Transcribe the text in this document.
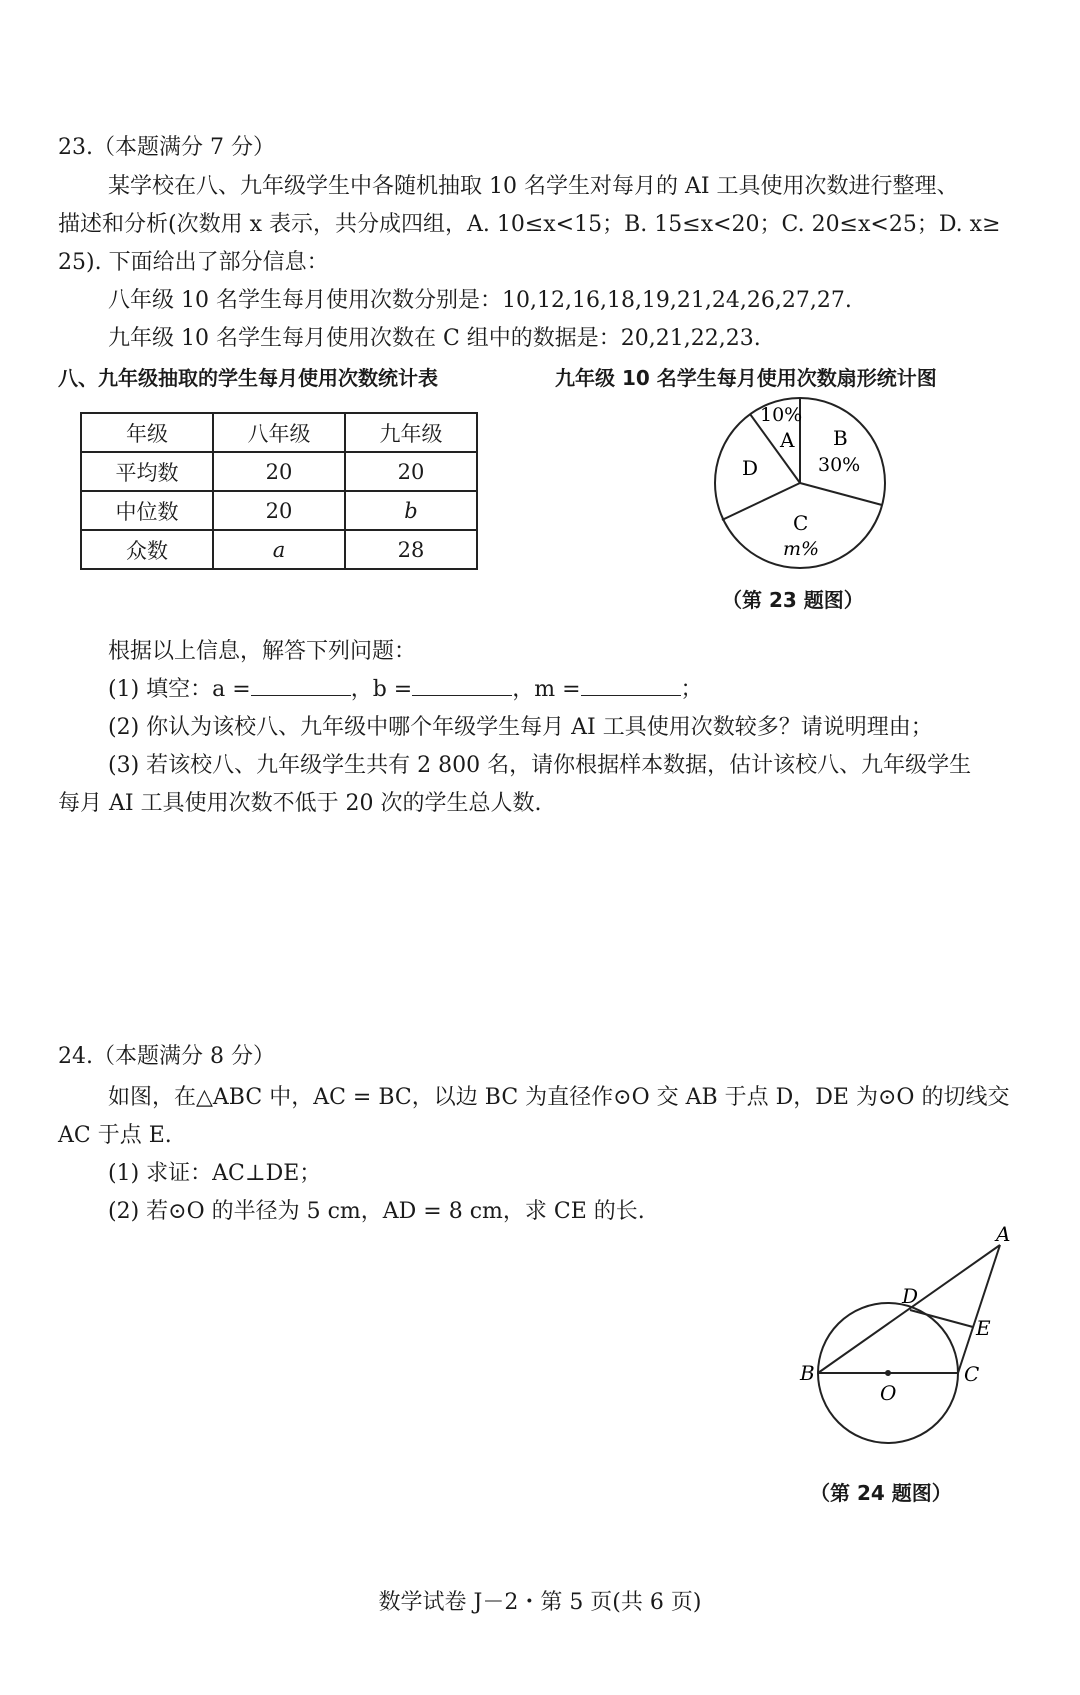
23.（本题满分 7 分）
某学校在八、九年级学生中各随机抽取 10 名学生对每月的 AI 工具使用次数进行整理、
描述和分析(次数用 x 表示，共分成四组，A. 10≤x<15；B. 15≤x<20；C. 20≤x<25；D. x≥
25). 下面给出了部分信息：
八年级 10 名学生每月使用次数分别是：10,12,16,18,19,21,24,26,27,27.
九年级 10 名学生每月使用次数在 C 组中的数据是：20,21,22,23.
八、九年级抽取的学生每月使用次数统计表	九年级 10 名学生每月使用次数扇形统计图
年级	八年级	九年级
平均数	20	20
中位数	20	b
众数	a	28
10%
A B
30%
C
m%
D
（第 23 题图）
根据以上信息，解答下列问题：
(1) 填空：a =	，b =	，m =	；
(2) 你认为该校八、九年级中哪个年级学生每月 AI 工具使用次数较多？请说明理由；
(3) 若该校八、九年级学生共有 2 800 名，请你根据样本数据，估计该校八、九年级学生
每月 AI 工具使用次数不低于 20 次的学生总人数.
24.（本题满分 8 分）
如图，在△ABC 中，AC = BC，以边 BC 为直径作⊙O 交 AB 于点 D，DE 为⊙O 的切线交
AC 于点 E.
(1) 求证：AC⊥DE；
(2) 若⊙O 的半径为 5 cm，AD = 8 cm，求 CE 的长.
A
B	C
D
E
O
（第 24 题图）
数学试卷 J－2・第 5 页(共 6 页)
